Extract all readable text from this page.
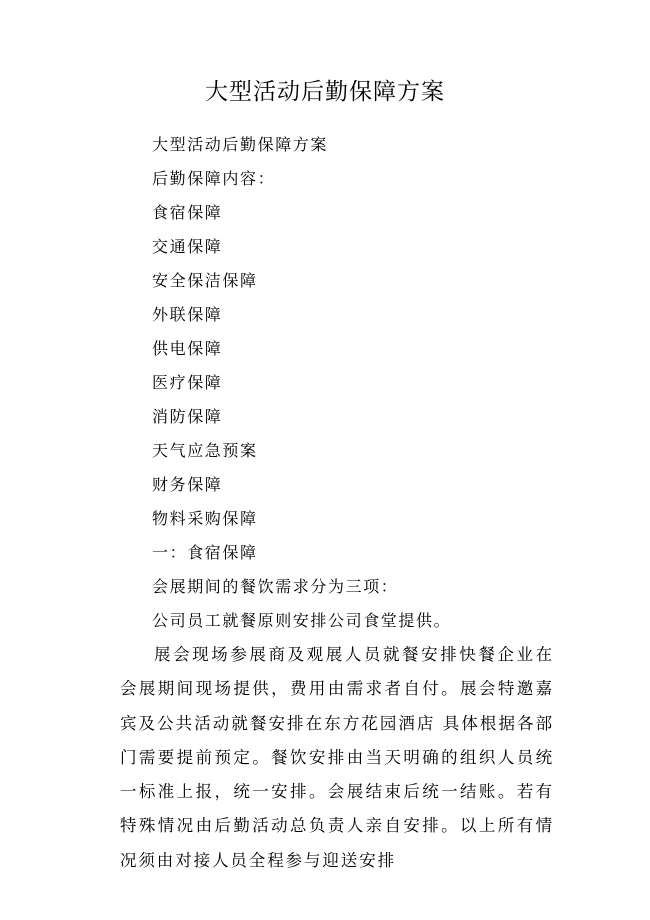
大型活动后勤保障方案

大型活动后勤保障方案

后勤保障内容：

食宿保障

交通保障

安全保洁保障

外联保障

供电保障

医疗保障

消防保障

天气应急预案

财务保障

物料采购保障

一：食宿保障

会展期间的餐饮需求分为三项：

公司员工就餐原则安排公司食堂提供。

展会现场参展商及观展人员就餐安排快餐企业在会展期间现场提供，费用由需求者自付。展会特邀嘉宾及公共活动就餐安排在东方花园酒店 具体根据各部门需要提前预定。餐饮安排由当天明确的组织人员统一标准上报，统一安排。会展结束后统一结账。若有特殊情况由后勤活动总负责人亲自安排。以上所有情况须由对接人员全程参与迎送安排
